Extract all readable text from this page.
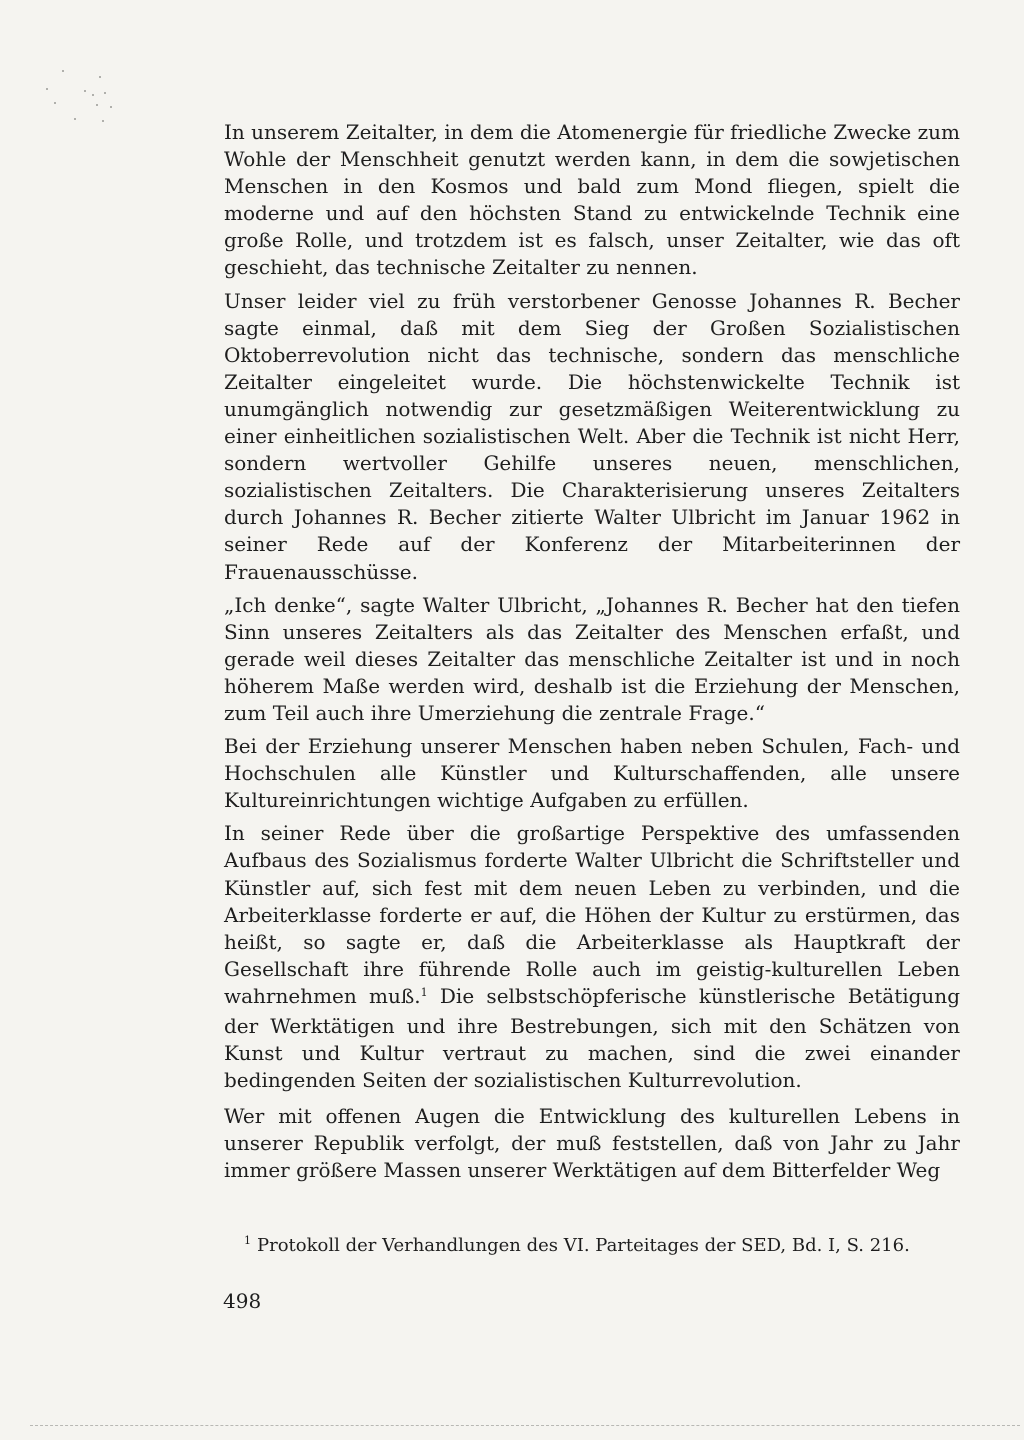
In unserem Zeitalter, in dem die Atomenergie für friedliche Zwecke zum Wohle der Menschheit genutzt werden kann, in dem die sowjetischen Menschen in den Kosmos und bald zum Mond fliegen, spielt die moderne und auf den höchsten Stand zu entwickelnde Technik eine große Rolle, und trotzdem ist es falsch, unser Zeitalter, wie das oft geschieht, das technische Zeitalter zu nennen.

Unser leider viel zu früh verstorbener Genosse Johannes R. Becher sagte einmal, daß mit dem Sieg der Großen Sozialistischen Oktoberrevolution nicht das technische, sondern das menschliche Zeitalter eingeleitet wurde. Die höchstenwickelte Technik ist unumgänglich notwendig zur gesetzmäßigen Weiterentwicklung zu einer einheitlichen sozialistischen Welt. Aber die Technik ist nicht Herr, sondern wertvoller Gehilfe unseres neuen, menschlichen, sozialistischen Zeitalters. Die Charakterisierung unseres Zeitalters durch Johannes R. Becher zitierte Walter Ulbricht im Januar 1962 in seiner Rede auf der Konferenz der Mitarbeiterinnen der Frauenausschüsse.

„Ich denke“, sagte Walter Ulbricht, „Johannes R. Becher hat den tiefen Sinn unseres Zeitalters als das Zeitalter des Menschen erfaßt, und gerade weil dieses Zeitalter das menschliche Zeitalter ist und in noch höherem Maße werden wird, deshalb ist die Erziehung der Menschen, zum Teil auch ihre Umerziehung die zentrale Frage.“

Bei der Erziehung unserer Menschen haben neben Schulen, Fach- und Hochschulen alle Künstler und Kulturschaffenden, alle unsere Kultureinrichtungen wichtige Aufgaben zu erfüllen.

In seiner Rede über die großartige Perspektive des umfassenden Aufbaus des Sozialismus forderte Walter Ulbricht die Schriftsteller und Künstler auf, sich fest mit dem neuen Leben zu verbinden, und die Arbeiterklasse forderte er auf, die Höhen der Kultur zu erstürmen, das heißt, so sagte er, daß die Arbeiterklasse als Hauptkraft der Gesellschaft ihre führende Rolle auch im geistig-kulturellen Leben wahrnehmen muß.$^1$ Die selbstschöpferische künstlerische Betätigung der Werktätigen und ihre Bestrebungen, sich mit den Schätzen von Kunst und Kultur vertraut zu machen, sind die zwei einander bedingenden Seiten der sozialistischen Kulturrevolution.

Wer mit offenen Augen die Entwicklung des kulturellen Lebens in unserer Republik verfolgt, der muß feststellen, daß von Jahr zu Jahr immer größere Massen unserer Werktätigen auf dem Bitterfelder Weg

$^1$ Protokoll der Verhandlungen des VI. Parteitages der SED, Bd. I, S. 216.
498
